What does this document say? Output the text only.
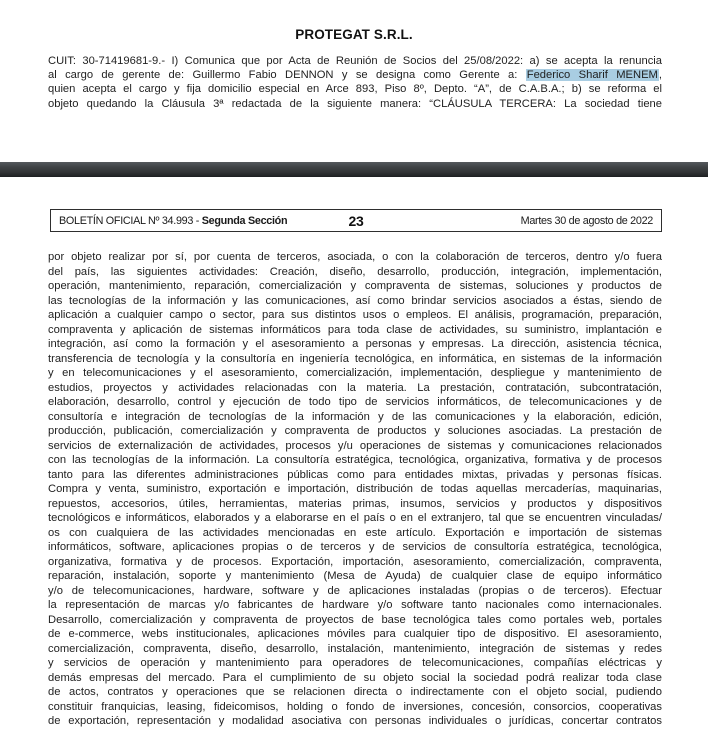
PROTEGAT S.R.L.
CUIT: 30-71419681-9.- I) Comunica que por Acta de Reunión de Socios del 25/08/2022: a) se acepta la renuncia
al cargo de gerente de: Guillermo Fabio DENNON y se designa como Gerente a: Federico Sharif MENEM,
quien acepta el cargo y fija domicilio especial en Arce 893, Piso 8º, Depto. “A”, de C.A.B.A.; b) se reforma el
objeto quedando la Cláusula 3ª redactada de la siguiente manera: “CLÁUSULA TERCERA: La sociedad tiene
BOLETÍN OFICIAL Nº 34.993 - Segunda Sección	23	Martes 30 de agosto de 2022
por objeto realizar por sí, por cuenta de terceros, asociada, o con la colaboración de terceros, dentro y/o fuera
del país, las siguientes actividades: Creación, diseño, desarrollo, producción, integración, implementación,
operación, mantenimiento, reparación, comercialización y compraventa de sistemas, soluciones y productos de
las tecnologías de la información y las comunicaciones, así como brindar servicios asociados a éstas, siendo de
aplicación a cualquier campo o sector, para sus distintos usos o empleos. El análisis, programación, preparación,
compraventa y aplicación de sistemas informáticos para toda clase de actividades, su suministro, implantación e
integración, así como la formación y el asesoramiento a personas y empresas. La dirección, asistencia técnica,
transferencia de tecnología y la consultoría en ingeniería tecnológica, en informática, en sistemas de la información
y en telecomunicaciones y el asesoramiento, comercialización, implementación, despliegue y mantenimiento de
estudios, proyectos y actividades relacionadas con la materia. La prestación, contratación, subcontratación,
elaboración, desarrollo, control y ejecución de todo tipo de servicios informáticos, de telecomunicaciones y de
consultoría e integración de tecnologías de la información y de las comunicaciones y la elaboración, edición,
producción, publicación, comercialización y compraventa de productos y soluciones asociadas. La prestación de
servicios de externalización de actividades, procesos y/u operaciones de sistemas y comunicaciones relacionados
con las tecnologías de la información. La consultoría estratégica, tecnológica, organizativa, formativa y de procesos
tanto para las diferentes administraciones públicas como para entidades mixtas, privadas y personas físicas.
Compra y venta, suministro, exportación e importación, distribución de todas aquellas mercaderías, maquinarias,
repuestos, accesorios, útiles, herramientas, materias primas, insumos, servicios y productos y dispositivos
tecnológicos e informáticos, elaborados y a elaborarse en el país o en el extranjero, tal que se encuentren vinculadas/
os con cualquiera de las actividades mencionadas en este artículo. Exportación e importación de sistemas
informáticos, software, aplicaciones propias o de terceros y de servicios de consultoría estratégica, tecnológica,
organizativa, formativa y de procesos. Exportación, importación, asesoramiento, comercialización, compraventa,
reparación, instalación, soporte y mantenimiento (Mesa de Ayuda) de cualquier clase de equipo informático
y/o de telecomunicaciones, hardware, software y de aplicaciones instaladas (propias o de terceros). Efectuar
la representación de marcas y/o fabricantes de hardware y/o software tanto nacionales como internacionales.
Desarrollo, comercialización y compraventa de proyectos de base tecnológica tales como portales web, portales
de e-commerce, webs institucionales, aplicaciones móviles para cualquier tipo de dispositivo. El asesoramiento,
comercialización, compraventa, diseño, desarrollo, instalación, mantenimiento, integración de sistemas y redes
y servicios de operación y mantenimiento para operadores de telecomunicaciones, compañías eléctricas y
demás empresas del mercado. Para el cumplimiento de su objeto social la sociedad podrá realizar toda clase
de actos, contratos y operaciones que se relacionen directa o indirectamente con el objeto social, pudiendo
constituir franquicias, leasing, fideicomisos, holding o fondo de inversiones, concesión, consorcios, cooperativas
de exportación, representación y modalidad asociativa con personas individuales o jurídicas, concertar contratos
